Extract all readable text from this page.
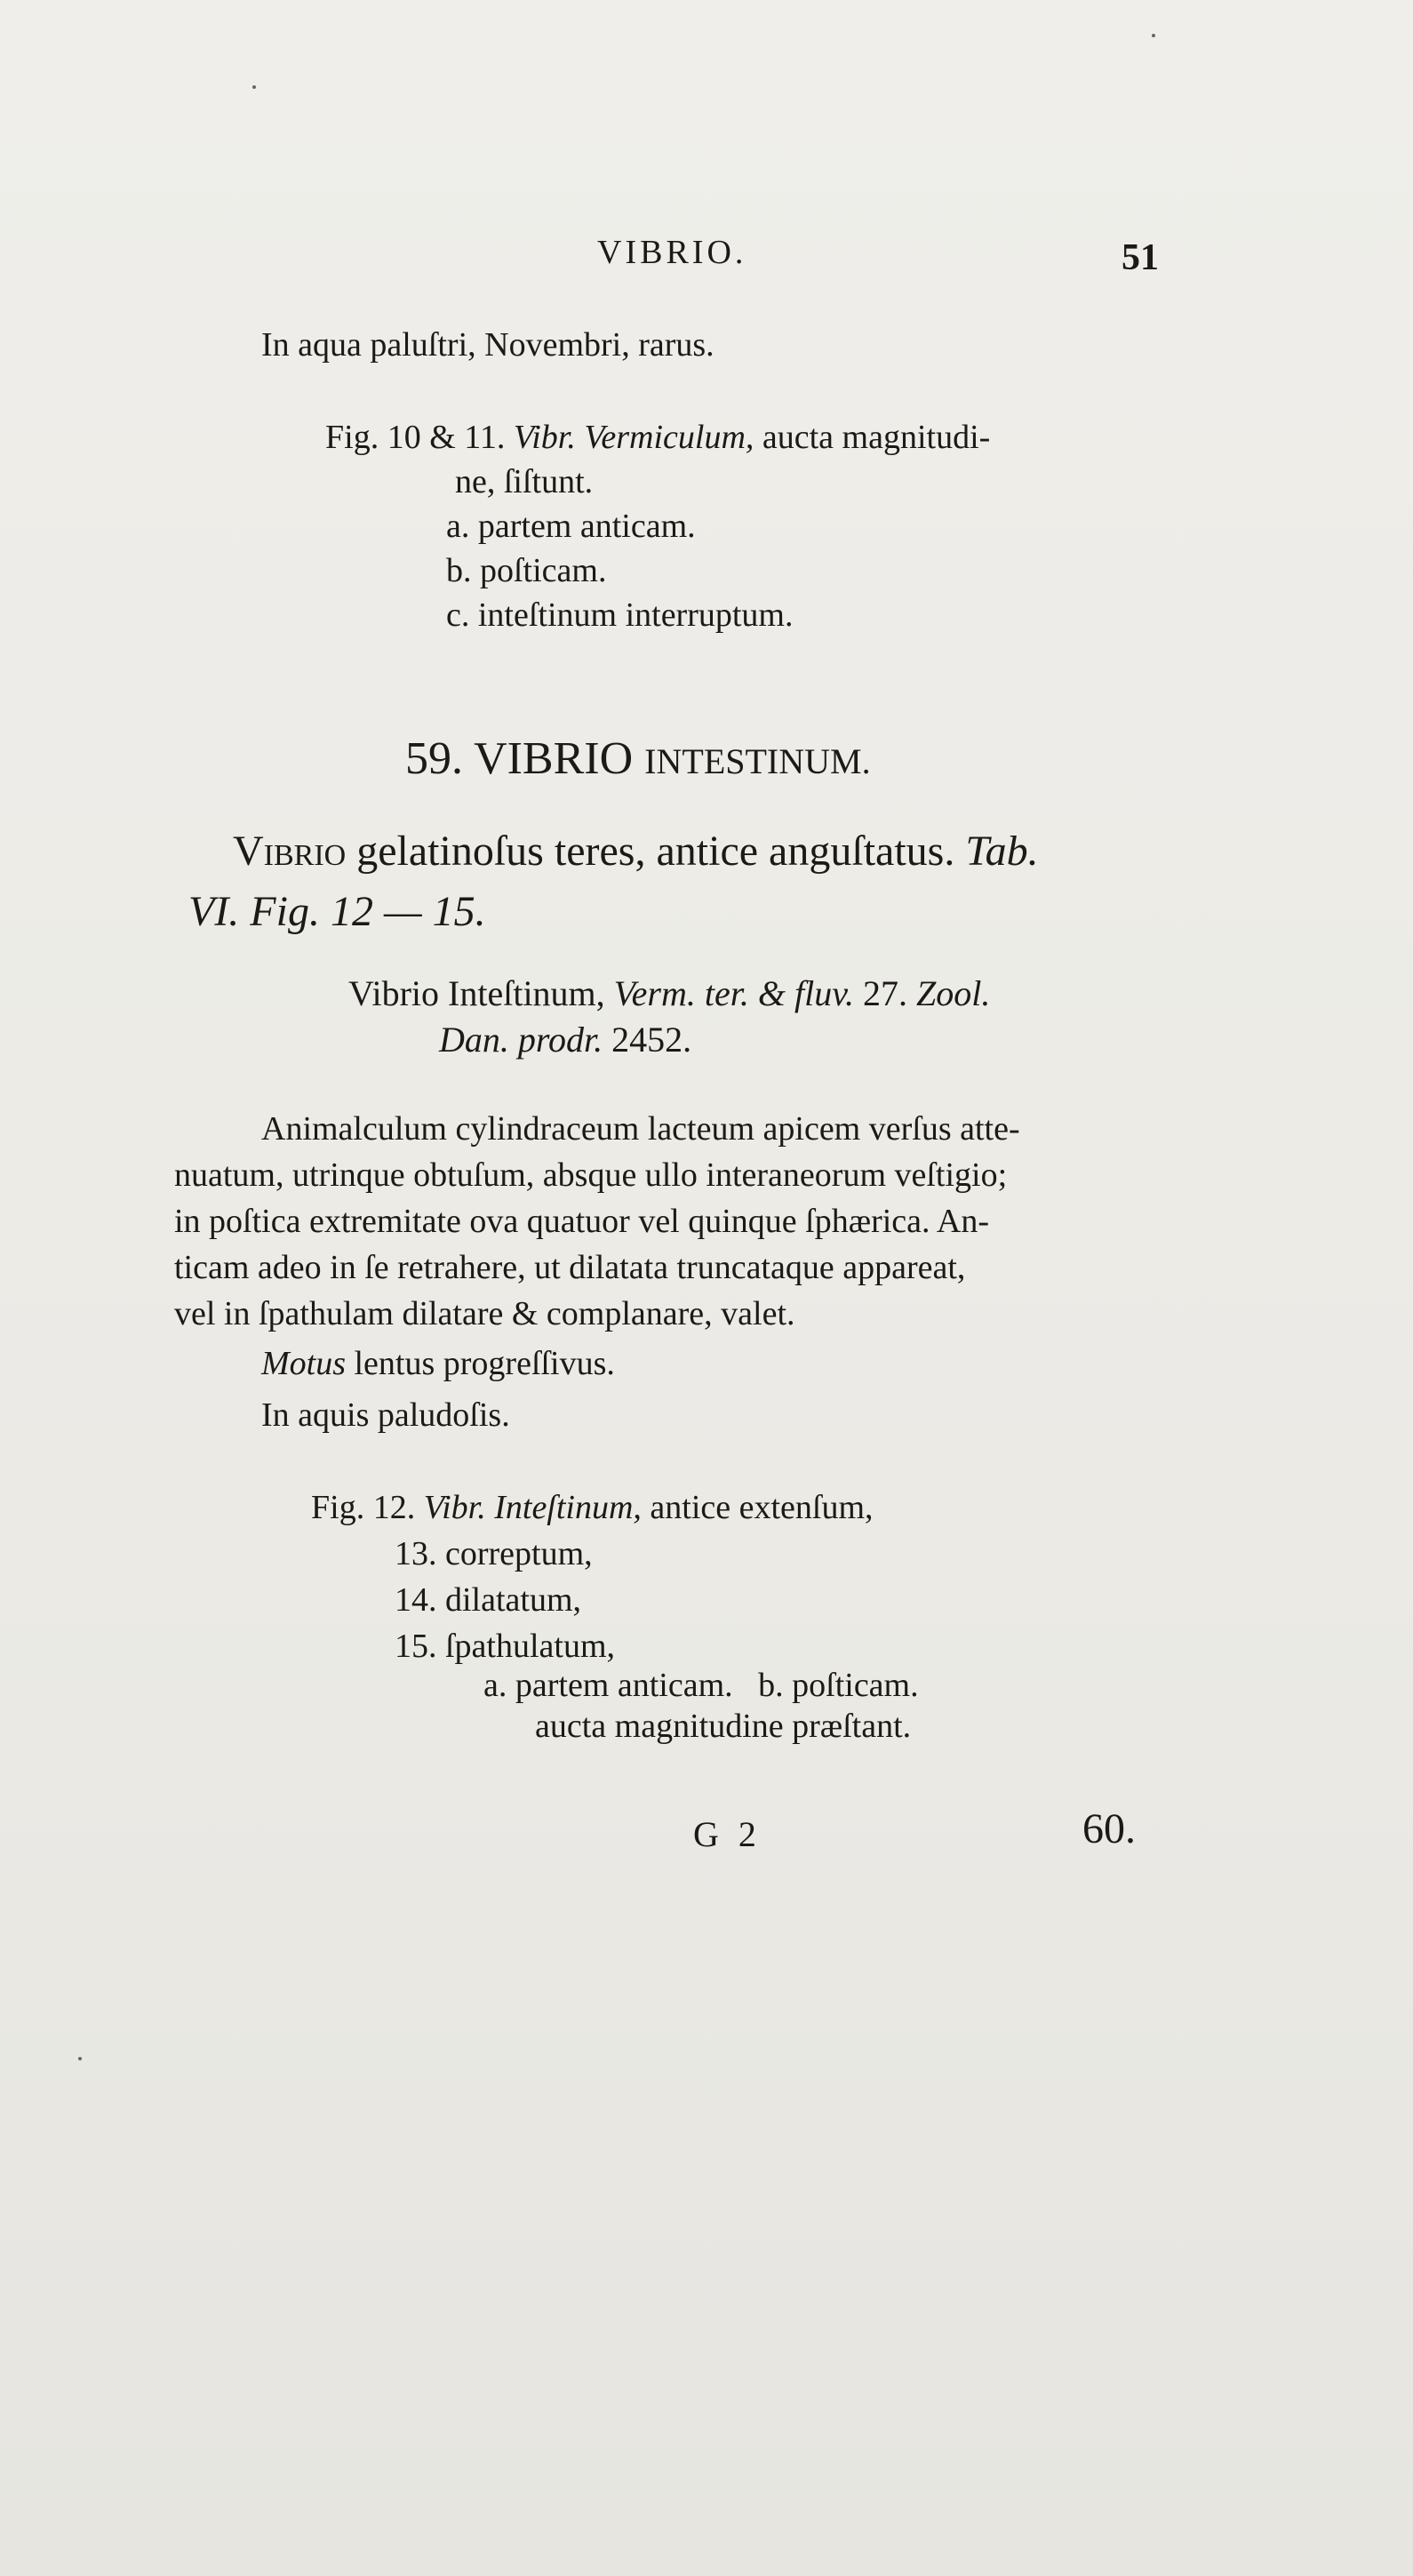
VIBRIO.	51
In aqua paluſtri, Novembri, rarus.
Fig. 10 & 11. Vibr. Vermiculum, aucta magnitudi-
ne, ſiſtunt.
a. partem anticam.
b. poſticam.
c. inteſtinum interruptum.
59. VIBRIO INTESTINUM.
Vibrio gelatinoſus teres, antice anguſtatus. Tab.
VI. Fig. 12 — 15.
Vibrio Inteſtinum, Verm. ter. & fluv. 27. Zool.
Dan. prodr. 2452.
Animalculum cylindraceum lacteum apicem verſus atte-
nuatum, utrinque obtuſum, absque ullo interaneorum veſtigio;
in poſtica extremitate ova quatuor vel quinque ſphærica. An-
ticam adeo in ſe retrahere, ut dilatata truncataque appareat,
vel in ſpathulam dilatare & complanare, valet.
Motus lentus progreſſivus.
In aquis paludoſis.
Fig. 12. Vibr. Inteſtinum, antice extenſum,
13. correptum,
14. dilatatum,
15. ſpathulatum,
a. partem anticam.   b. poſticam.
aucta magnitudine præſtant.
G 2	60.
